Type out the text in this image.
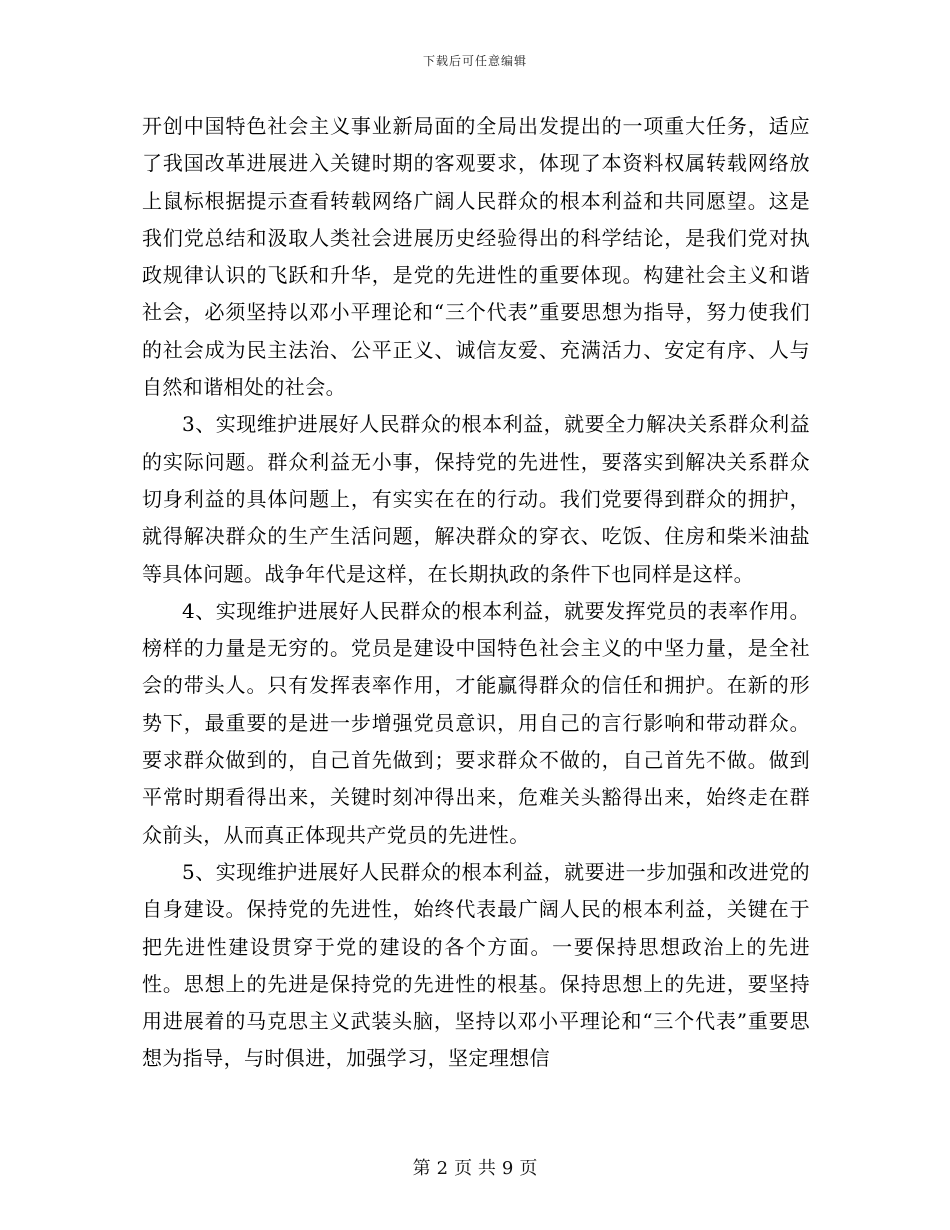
下载后可任意编辑

开创中国特色社会主义事业新局面的全局出发提出的一项重大任务，适应了我国改革进展进入关键时期的客观要求，体现了本资料权属转载网络放上鼠标根据提示查看转载网络广阔人民群众的根本利益和共同愿望。这是我们党总结和汲取人类社会进展历史经验得出的科学结论，是我们党对执政规律认识的飞跃和升华，是党的先进性的重要体现。构建社会主义和谐社会，必须坚持以邓小平理论和“三个代表”重要思想为指导，努力使我们的社会成为民主法治、公平正义、诚信友爱、充满活力、安定有序、人与自然和谐相处的社会。

3、实现维护进展好人民群众的根本利益，就要全力解决关系群众利益的实际问题。群众利益无小事，保持党的先进性，要落实到解决关系群众切身利益的具体问题上，有实实在在的行动。我们党要得到群众的拥护，就得解决群众的生产生活问题，解决群众的穿衣、吃饭、住房和柴米油盐等具体问题。战争年代是这样，在长期执政的条件下也同样是这样。

4、实现维护进展好人民群众的根本利益，就要发挥党员的表率作用。榜样的力量是无穷的。党员是建设中国特色社会主义的中坚力量，是全社会的带头人。只有发挥表率作用，才能赢得群众的信任和拥护。在新的形势下，最重要的是进一步增强党员意识，用自己的言行影响和带动群众。要求群众做到的，自己首先做到；要求群众不做的，自己首先不做。做到平常时期看得出来，关键时刻冲得出来，危难关头豁得出来，始终走在群众前头，从而真正体现共产党员的先进性。

5、实现维护进展好人民群众的根本利益，就要进一步加强和改进党的自身建设。保持党的先进性，始终代表最广阔人民的根本利益，关键在于把先进性建设贯穿于党的建设的各个方面。一要保持思想政治上的先进性。思想上的先进是保持党的先进性的根基。保持思想上的先进，要坚持用进展着的马克思主义武装头脑，坚持以邓小平理论和“三个代表”重要思想为指导，与时俱进，加强学习，坚定理想信

第 2 页 共 9 页
